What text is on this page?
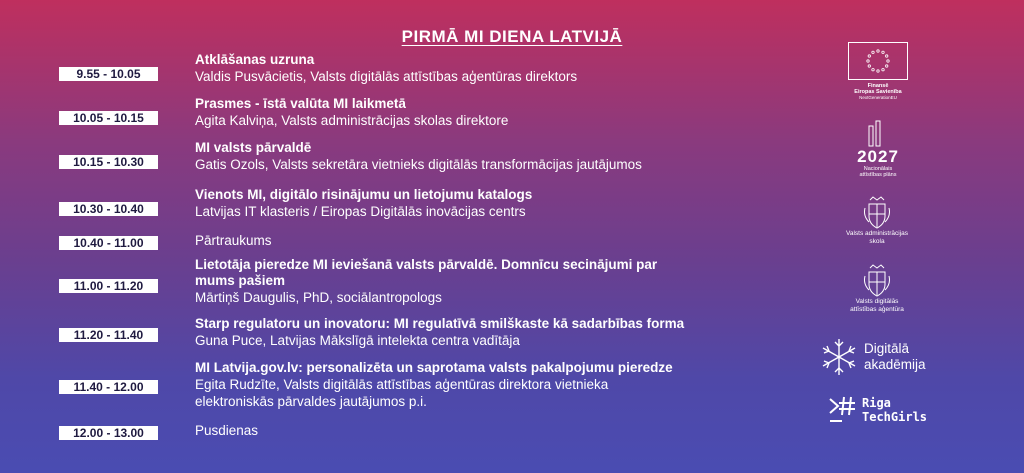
PIRMĀ MI DIENA LATVIJĀ
9.55 - 10.05
10.05 - 10.15
10.15 - 10.30
10.30 - 10.40
10.40 - 11.00
11.00 - 11.20
11.20 - 11.40
11.40 - 12.00
12.00 - 13.00
Atklāšanas uzruna
Valdis Pusvācietis, Valsts digitālās attīstības aģentūras direktors
Prasmes - īstā valūta MI laikmetā
Agita Kalviņa, Valsts administrācijas skolas direktore
MI valsts pārvaldē
Gatis Ozols, Valsts sekretāra vietnieks digitālās transformācijas jautājumos
Vienots MI, digitālo risinājumu un lietojumu katalogs
Latvijas IT klasteris / Eiropas Digitālās inovācijas centrs
Pārtraukums
Lietotāja pieredze MI ieviešanā valsts pārvaldē. Domnīcu secinājumi par mums pašiem
Mārtiņš Daugulis, PhD, sociālantropologs
Starp regulatoru un inovatoru: MI regulatīvā smilškaste kā sadarbības forma
Guna Puce, Latvijas Mākslīgā intelekta centra vadītāja
MI Latvija.gov.lv: personalizēta un saprotama valsts pakalpojumu pieredze
Egita Rudzīte, Valsts digitālās attīstības aģentūras direktora vietnieka elektroniskās pārvaldes jautājumos p.i.
Pusdienas
Finansē
Eiropas Savienība
NextGenerationEU
2027
Nacionālais
attīstības plāns
Valsts administrācijas
skola
Valsts digitālās
attīstības aģentūra
Digitālā
akadēmija
Riga
TechGirls
